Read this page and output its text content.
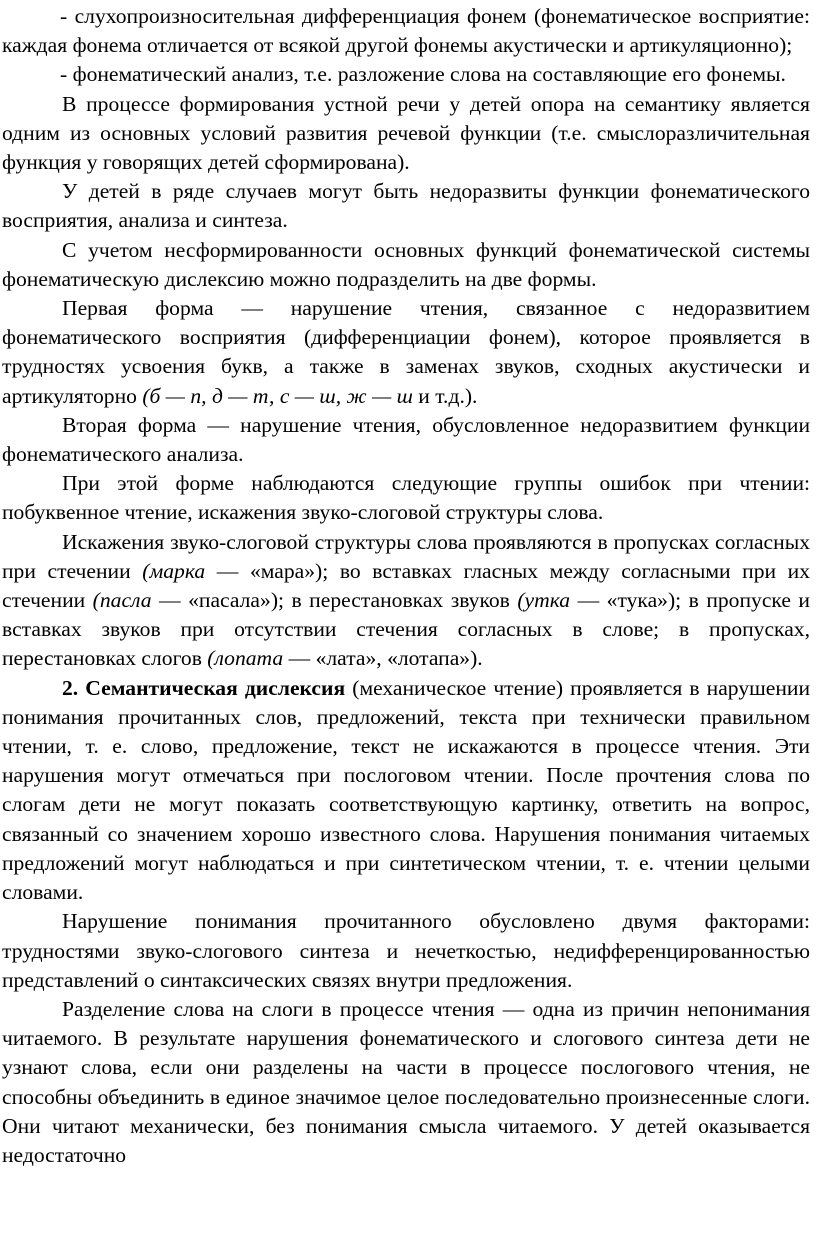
- слухопроизносительная дифференциация фонем (фонематическое восприятие: каждая фонема отличается от всякой другой фонемы акустически и артикуляционно);

- фонематический анализ, т.е. разложение слова на составляющие его фонемы.

В процессе формирования устной речи у детей опора на семантику является одним из основных условий развития речевой функции (т.е. смыслоразличительная функция у говорящих детей сформирована).

У детей в ряде случаев могут быть недоразвиты функции фонематического восприятия, анализа и синтеза.

С учетом несформированности основных функций фонематической системы фонематическую дислексию можно подразделить на две формы.

Первая форма — нарушение чтения, связанное с недоразвитием фонематического восприятия (дифференциации фонем), которое проявляется в трудностях усвоения букв, а также в заменах звуков, сходных акустически и артикуляторно (б — п, д — т, с — ш, ж — ш и т.д.).

Вторая форма — нарушение чтения, обусловленное недоразвитием функции фонематического анализа.

При этой форме наблюдаются следующие группы ошибок при чтении: побуквенное чтение, искажения звуко-слоговой структуры слова.

Искажения звуко-слоговой структуры слова проявляются в пропусках согласных при стечении (марка — «мара»); во вставках гласных между согласными при их стечении (пасла — «пасала»); в перестановках звуков (утка — «тука»); в пропуске и вставках звуков при отсутствии стечения согласных в слове; в пропусках, перестановках слогов (лопата — «лата», «лотапа»).

2. Семантическая дислексия (механическое чтение) проявляется в нарушении понимания прочитанных слов, предложений, текста при технически правильном чтении, т. е. слово, предложение, текст не искажаются в процессе чтения. Эти нарушения могут отмечаться при послоговом чтении. После прочтения слова по слогам дети не могут показать соответствующую картинку, ответить на вопрос, связанный со значением хорошо известного слова. Нарушения понимания читаемых предложений могут наблюдаться и при синтетическом чтении, т. е. чтении целыми словами.

Нарушение понимания прочитанного обусловлено двумя факторами: трудностями звуко-слогового синтеза и нечеткостью, недифференцированностью представлений о синтаксических связях внутри предложения.

Разделение слова на слоги в процессе чтения — одна из причин непонимания читаемого. В результате нарушения фонематического и слогового синтеза дети не узнают слова, если они разделены на части в процессе послогового чтения, не способны объединить в единое значимое целое последовательно произнесенные слоги. Они читают механически, без понимания смысла читаемого. У детей оказывается недостаточно
